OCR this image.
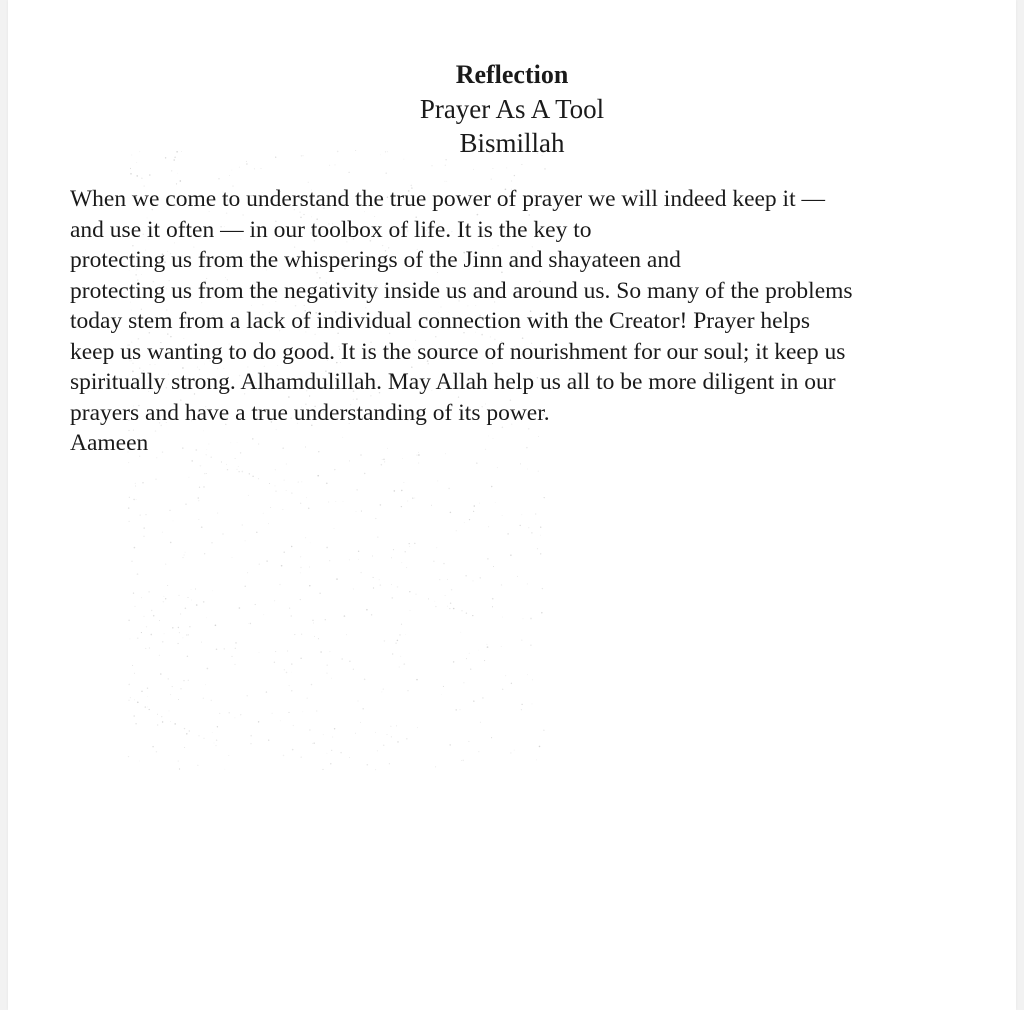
Reflection
Prayer As A Tool
Bismillah
When we come to understand the true power of prayer we will indeed keep it —
and use it often — in our toolbox of life. It is the key to
protecting us from the whisperings of the Jinn and shayateen and
protecting us from the negativity inside us and around us. So many of the problems
today stem from a lack of individual connection with the Creator! Prayer helps
keep us wanting to do good. It is the source of nourishment for our soul; it keep us
spiritually strong. Alhamdulillah. May Allah help us all to be more diligent in our
prayers and have a true understanding of its power.
Aameen
